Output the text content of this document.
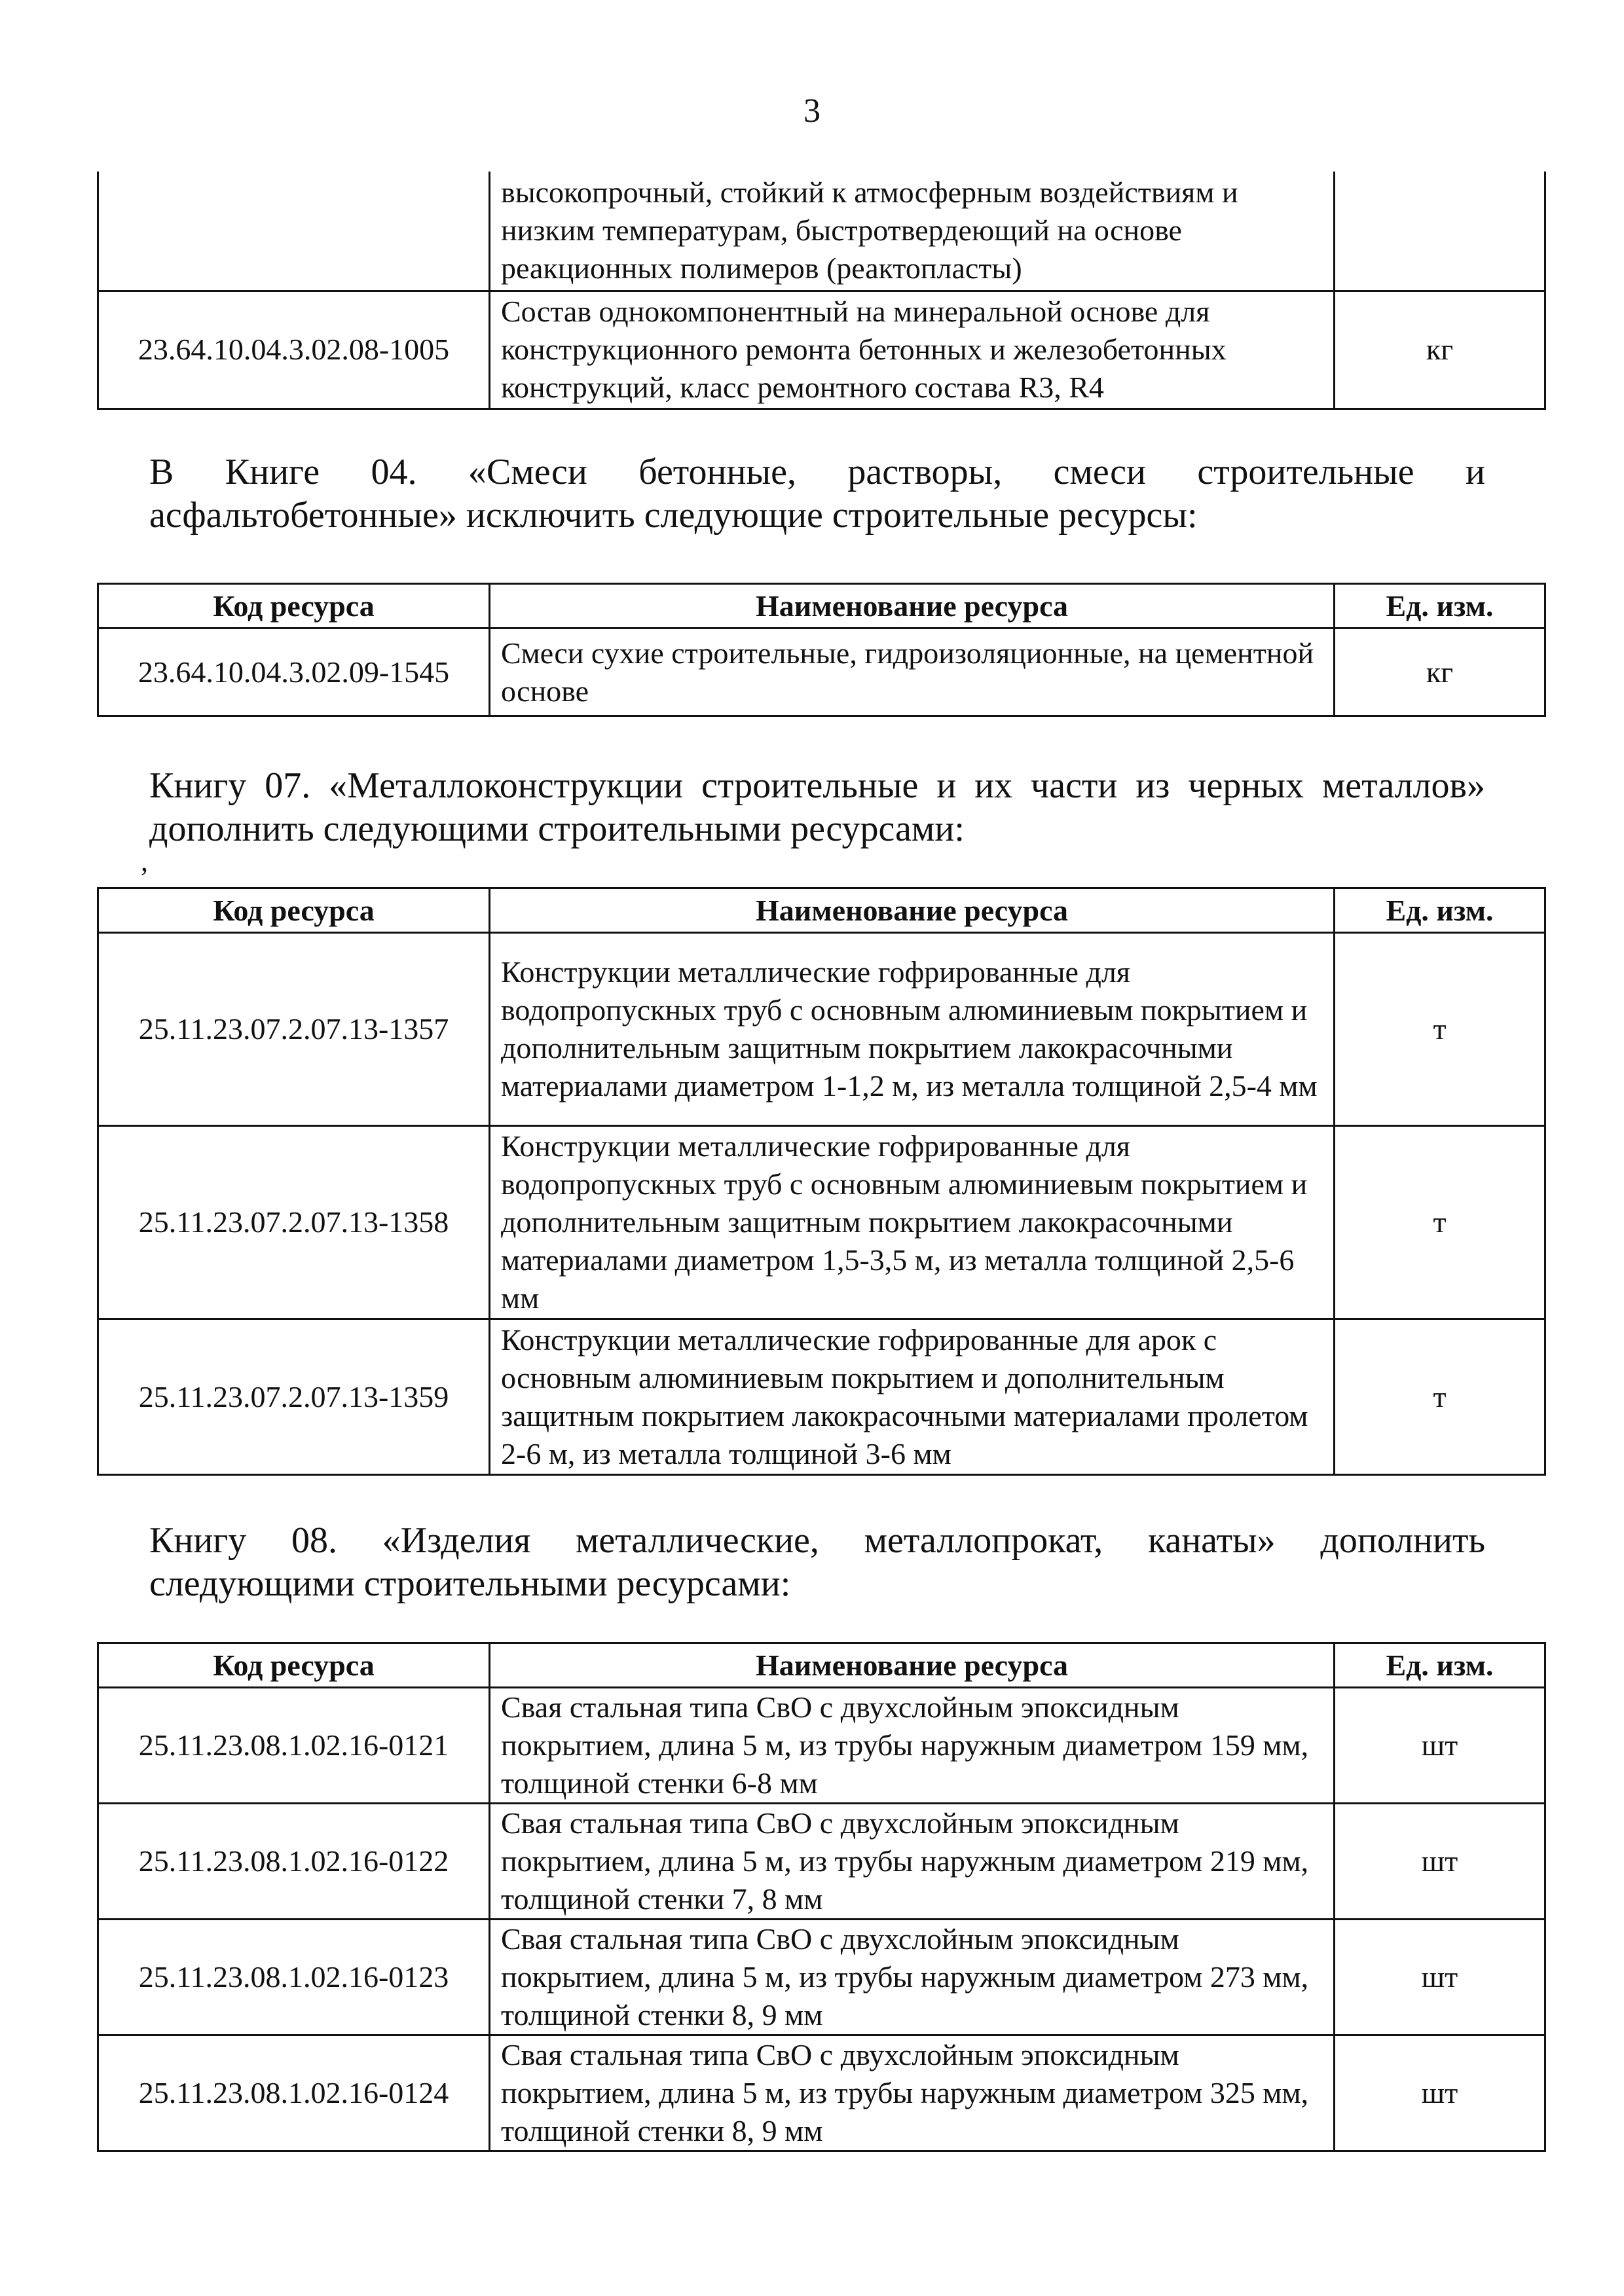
3
	высокопрочный, стойкий к атмосферным воздействиям и низким температурам, быстротвердеющий на основе реакционных полимеров (реактопласты)	
23.64.10.04.3.02.08-1005	Состав однокомпонентный на минеральной основе для конструкционного ремонта бетонных и железобетонных конструкций, класс ремонтного состава R3, R4	кг
В Книге 04. «Смеси бетонные, растворы, смеси строительные и
асфальтобетонные» исключить следующие строительные ресурсы:
Код ресурса	Наименование ресурса	Ед. изм.
23.64.10.04.3.02.09-1545	Смеси сухие строительные, гидроизоляционные, на цементной основе	кг
Книгу 07. «Металлоконструкции строительные и их части из черных металлов»
дополнить следующими строительными ресурсами:
,
Код ресурса	Наименование ресурса	Ед. изм.
25.11.23.07.2.07.13-1357	Конструкции металлические гофрированные для водопропускных труб с основным алюминиевым покрытием и дополнительным защитным покрытием лакокрасочными материалами диаметром 1-1,2 м, из металла толщиной 2,5-4 мм	т
25.11.23.07.2.07.13-1358	Конструкции металлические гофрированные для водопропускных труб с основным алюминиевым покрытием и дополнительным защитным покрытием лакокрасочными материалами диаметром 1,5-3,5 м, из металла толщиной 2,5-6 мм	т
25.11.23.07.2.07.13-1359	Конструкции металлические гофрированные для арок с основным алюминиевым покрытием и дополнительным защитным покрытием лакокрасочными материалами пролетом 2-6 м, из металла толщиной 3-6 мм	т
Книгу 08. «Изделия металлические, металлопрокат, канаты» дополнить
следующими строительными ресурсами:
Код ресурса	Наименование ресурса	Ед. изм.
25.11.23.08.1.02.16-0121	Свая стальная типа СвО с двухслойным эпоксидным покрытием, длина 5 м, из трубы наружным диаметром 159 мм, толщиной стенки 6-8 мм	шт
25.11.23.08.1.02.16-0122	Свая стальная типа СвО с двухслойным эпоксидным покрытием, длина 5 м, из трубы наружным диаметром 219 мм, толщиной стенки 7, 8 мм	шт
25.11.23.08.1.02.16-0123	Свая стальная типа СвО с двухслойным эпоксидным покрытием, длина 5 м, из трубы наружным диаметром 273 мм, толщиной стенки 8, 9 мм	шт
25.11.23.08.1.02.16-0124	Свая стальная типа СвО с двухслойным эпоксидным покрытием, длина 5 м, из трубы наружным диаметром 325 мм, толщиной стенки 8, 9 мм	шт
